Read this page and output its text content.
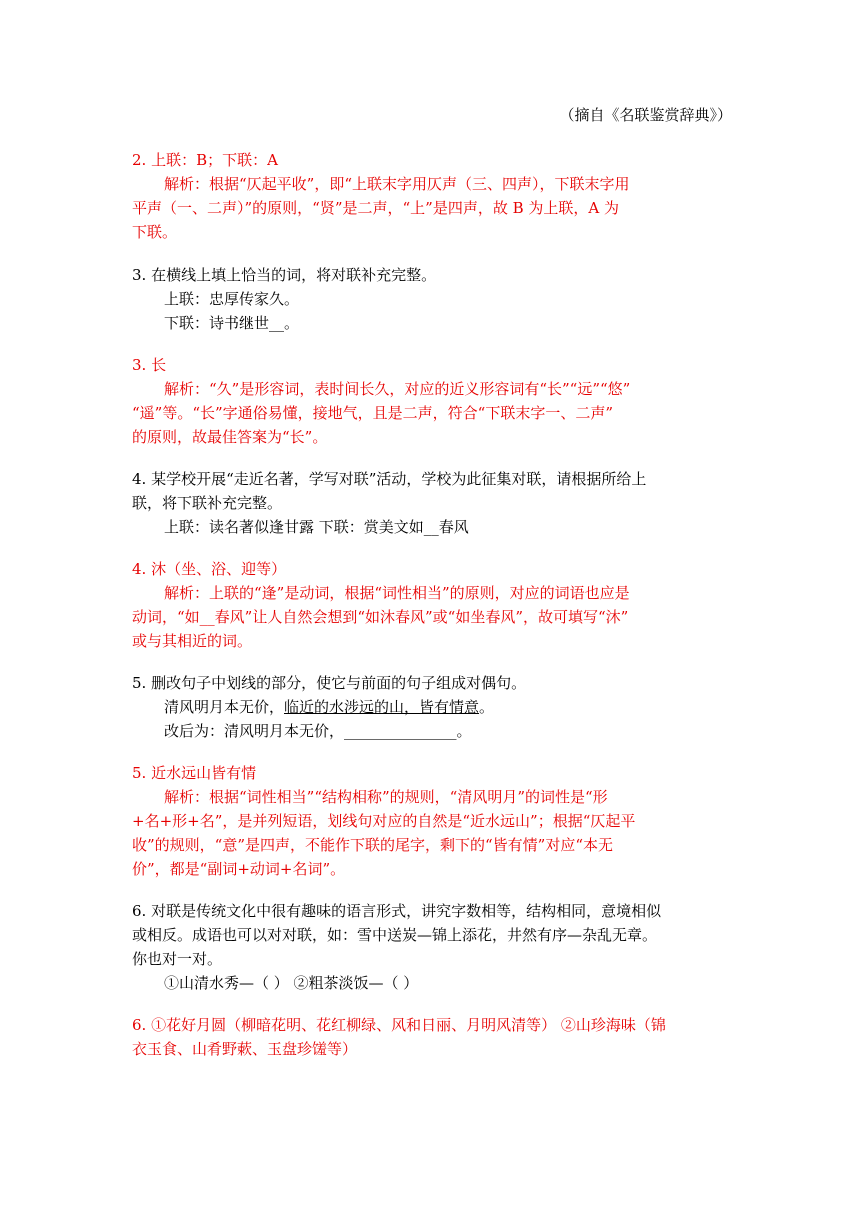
（摘自《名联鉴赏辞典》）
2. 上联：B；下联：A
解析：根据“仄起平收”，即“上联末字用仄声（三、四声），下联末字用
平声（一、二声）”的原则，“贤”是二声，“上”是四声，故 B 为上联，A 为
下联。
3. 在横线上填上恰当的词，将对联补充完整。
上联：忠厚传家久。
下联：诗书继世__。
3. 长
解析：“久”是形容词，表时间长久，对应的近义形容词有“长”“远”“悠”
“遥”等。“长”字通俗易懂，接地气，且是二声，符合“下联末字一、二声”
的原则，故最佳答案为“长”。
4. 某学校开展“走近名著，学写对联”活动，学校为此征集对联，请根据所给上
联，将下联补充完整。
上联：读名著似逢甘露 下联：赏美文如__春风
4. 沐（坐、浴、迎等）
解析：上联的“逢”是动词，根据“词性相当”的原则，对应的词语也应是
动词，“如__春风”让人自然会想到“如沐春风”或“如坐春风”，故可填写“沐”
或与其相近的词。
5. 删改句子中划线的部分，使它与前面的句子组成对偶句。
清风明月本无价，临近的水涉远的山，皆有情意。
改后为：清风明月本无价，_______________。
5. 近水远山皆有情
解析：根据“词性相当”“结构相称”的规则，“清风明月”的词性是“形
+名+形+名”，是并列短语，划线句对应的自然是“近水远山”；根据“仄起平
收”的规则，“意”是四声，不能作下联的尾字，剩下的“皆有情”对应“本无
价”，都是“副词+动词+名词”。
6. 对联是传统文化中很有趣味的语言形式，讲究字数相等，结构相同，意境相似
或相反。成语也可以对对联，如：雪中送炭—锦上添花，井然有序—杂乱无章。
你也对一对。
①山清水秀—（ ） ②粗茶淡饭—（ ）
6. ①花好月圆（柳暗花明、花红柳绿、风和日丽、月明风清等） ②山珍海味（锦
衣玉食、山肴野蔌、玉盘珍馐等）
